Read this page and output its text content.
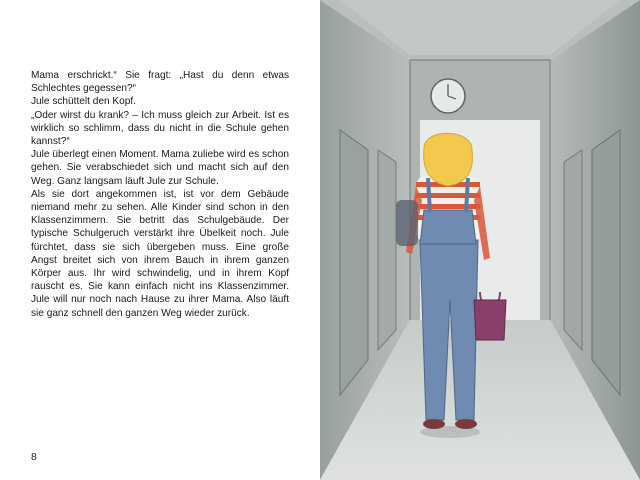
Mama erschrickt.“ Sie fragt: „Hast du denn etwas Schlechtes gegessen?“

Jule schüttelt den Kopf.

„Oder wirst du krank? – Ich muss gleich zur Arbeit. Ist es wirklich so schlimm, dass du nicht in die Schule gehen kannst?“

Jule überlegt einen Moment. Mama zuliebe wird es schon gehen. Sie verabschiedet sich und macht sich auf den Weg. Ganz langsam läuft Jule zur Schule.

Als sie dort angekommen ist, ist vor dem Gebäude niemand mehr zu sehen. Alle Kinder sind schon in den Klassenzimmern. Sie betritt das Schulgebäude. Der typische Schulgeruch verstärkt ihre Übelkeit noch. Jule fürchtet, dass sie sich übergeben muss. Eine große Angst breitet sich von ihrem Bauch in ihrem ganzen Körper aus. Ihr wird schwindelig, und in ihrem Kopf rauscht es. Sie kann einfach nicht ins Klassenzimmer. Jule will nur noch nach Hause zu ihrer Mama. Also läuft sie ganz schnell den ganzen Weg wieder zurück.

8
